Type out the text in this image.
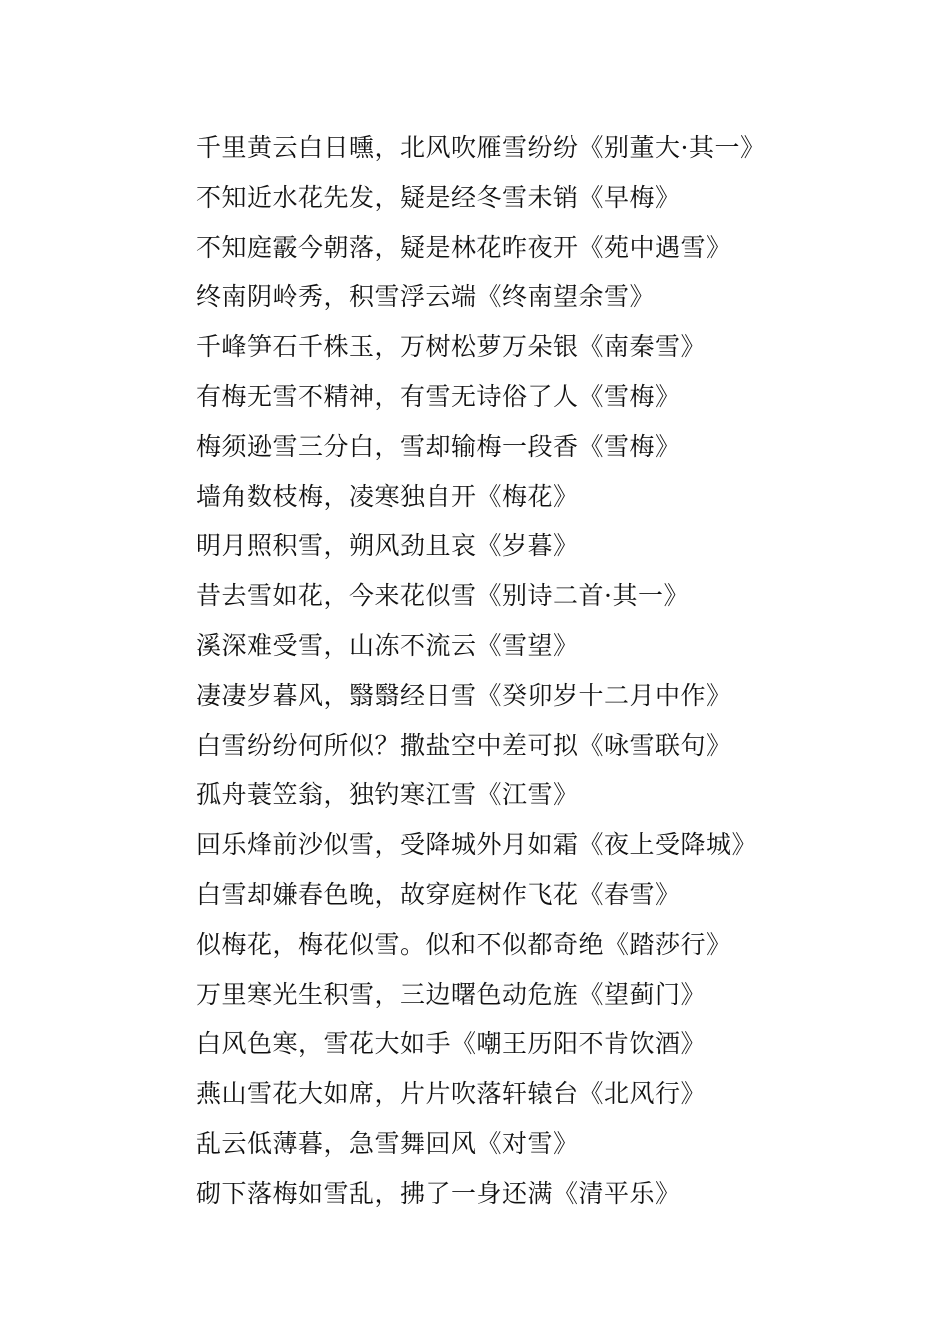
千里黄云白日曛，北风吹雁雪纷纷《别董大·其一》
不知近水花先发，疑是经冬雪未销《早梅》
不知庭霰今朝落，疑是林花昨夜开《苑中遇雪》
终南阴岭秀，积雪浮云端《终南望余雪》
千峰笋石千株玉，万树松萝万朵银《南秦雪》
有梅无雪不精神，有雪无诗俗了人《雪梅》
梅须逊雪三分白，雪却输梅一段香《雪梅》
墙角数枝梅，凌寒独自开《梅花》
明月照积雪，朔风劲且哀《岁暮》
昔去雪如花，今来花似雪《别诗二首·其一》
溪深难受雪，山冻不流云《雪望》
凄凄岁暮风，翳翳经日雪《癸卯岁十二月中作》
白雪纷纷何所似？撒盐空中差可拟《咏雪联句》
孤舟蓑笠翁，独钓寒江雪《江雪》
回乐烽前沙似雪，受降城外月如霜《夜上受降城》
白雪却嫌春色晚，故穿庭树作飞花《春雪》
似梅花，梅花似雪。似和不似都奇绝《踏莎行》
万里寒光生积雪，三边曙色动危旌《望蓟门》
白风色寒，雪花大如手《嘲王历阳不肯饮酒》
燕山雪花大如席，片片吹落轩辕台《北风行》
乱云低薄暮，急雪舞回风《对雪》
砌下落梅如雪乱，拂了一身还满《清平乐》
